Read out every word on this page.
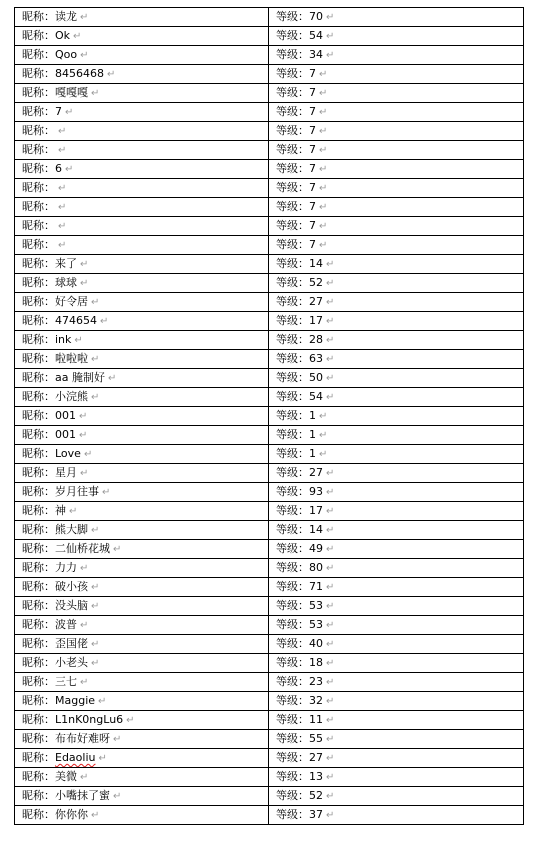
昵称：读龙 ↵	等级：70 ↵
昵称：Ok ↵	等级：54 ↵
昵称：Qoo ↵	等级：34 ↵
昵称：8456468 ↵	等级：7 ↵
昵称：嘎嘎嘎 ↵	等级：7 ↵
昵称：7 ↵	等级：7 ↵
昵称： ↵	等级：7 ↵
昵称： ↵	等级：7 ↵
昵称：6 ↵	等级：7 ↵
昵称： ↵	等级：7 ↵
昵称： ↵	等级：7 ↵
昵称： ↵	等级：7 ↵
昵称： ↵	等级：7 ↵
昵称：来了 ↵	等级：14 ↵
昵称：球球 ↵	等级：52 ↵
昵称：好令居 ↵	等级：27 ↵
昵称：474654 ↵	等级：17 ↵
昵称：ink ↵	等级：28 ↵
昵称：啦啦啦 ↵	等级：63 ↵
昵称：aa 腌制好 ↵	等级：50 ↵
昵称：小浣熊 ↵	等级：54 ↵
昵称：001 ↵	等级：1 ↵
昵称：001 ↵	等级：1 ↵
昵称：Love ↵	等级：1 ↵
昵称：星月 ↵	等级：27 ↵
昵称：岁月往事 ↵	等级：93 ↵
昵称：神 ↵	等级：17 ↵
昵称：熊大脚 ↵	等级：14 ↵
昵称：二仙桥花城 ↵	等级：49 ↵
昵称：力力 ↵	等级：80 ↵
昵称：破小孩 ↵	等级：71 ↵
昵称：没头脑 ↵	等级：53 ↵
昵称：波普 ↵	等级：53 ↵
昵称：歪国佬 ↵	等级：40 ↵
昵称：小老头 ↵	等级：18 ↵
昵称：三七 ↵	等级：23 ↵
昵称：Maggie ↵	等级：32 ↵
昵称：L1nK0ngLu6 ↵	等级：11 ↵
昵称：布布好难呀 ↵	等级：55 ↵
昵称：Edaoliu ↵	等级：27 ↵
昵称：美微 ↵	等级：13 ↵
昵称：小嘴抹了蜜 ↵	等级：52 ↵
昵称：你你你 ↵	等级：37 ↵
